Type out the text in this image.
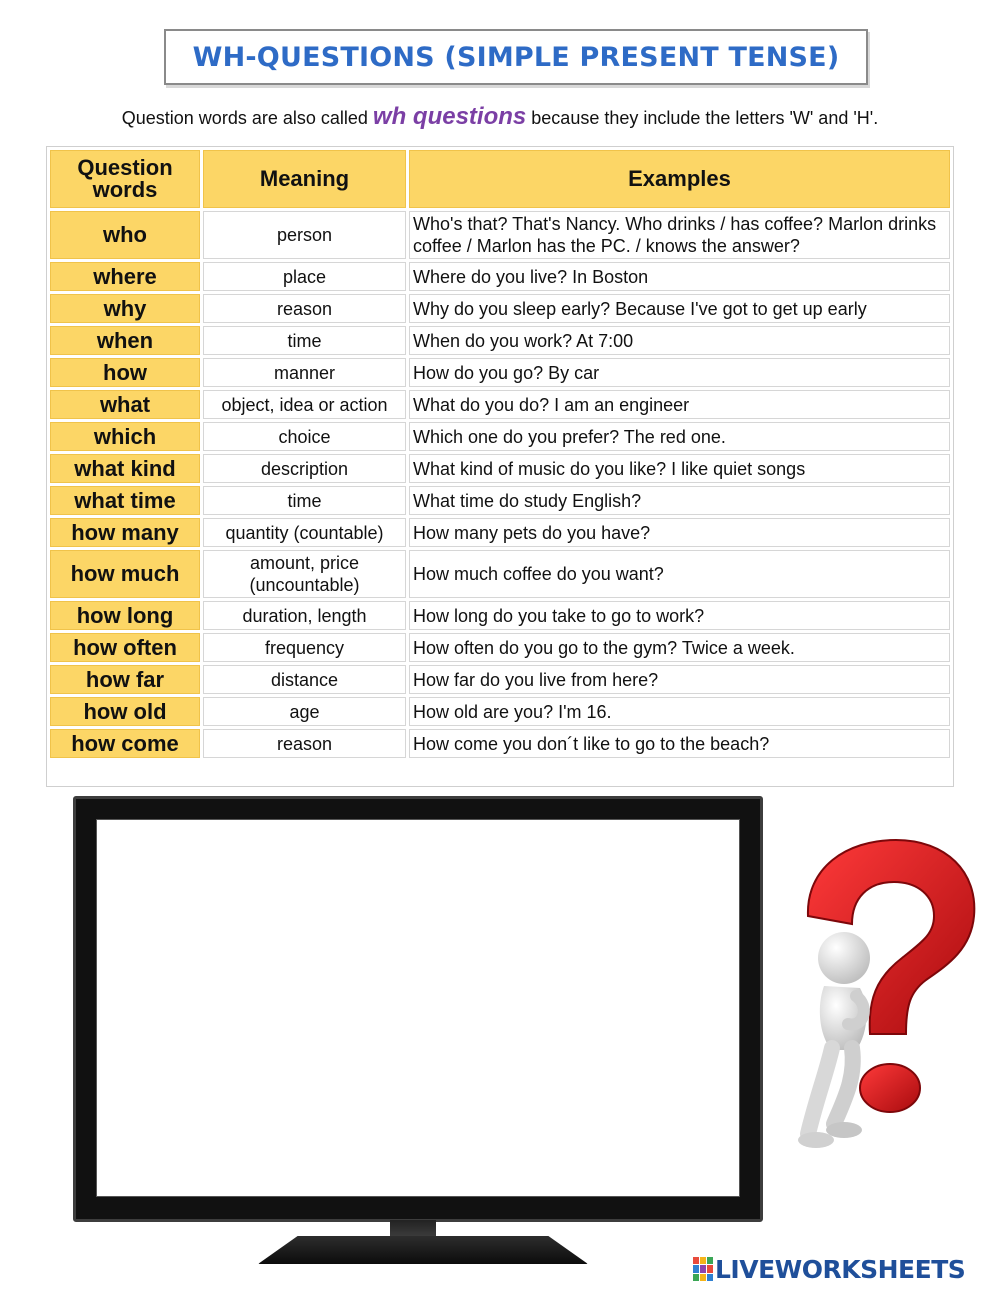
WH-QUESTIONS (SIMPLE PRESENT TENSE)
Question words are also called wh questions because they include the letters 'W' and 'H'.
Question words	Meaning	Examples
who	person	Who's that? That's Nancy. Who drinks / has coffee? Marlon drinks coffee / Marlon has the PC. / knows the answer?
where	place	Where do you live? In Boston
why	reason	Why do you sleep early? Because I've got to get up early
when	time	When do you work? At 7:00
how	manner	How do you go? By car
what	object, idea or action	What do you do? I am an engineer
which	choice	Which one do you prefer? The red one.
what kind	description	What kind of music do you like? I like quiet songs
what time	time	What time do study English?
how many	quantity (countable)	How many pets do you have?
how much	amount, price (uncountable)	How much coffee do you want?
how long	duration, length	How long do you take to go to work?
how often	frequency	How often do you go to the gym? Twice a week.
how far	distance	How far do you live from here?
how old	age	How old are you? I'm 16.
how come	reason	How come you don´t like to go to the beach?
LIVEWORKSHEETS
